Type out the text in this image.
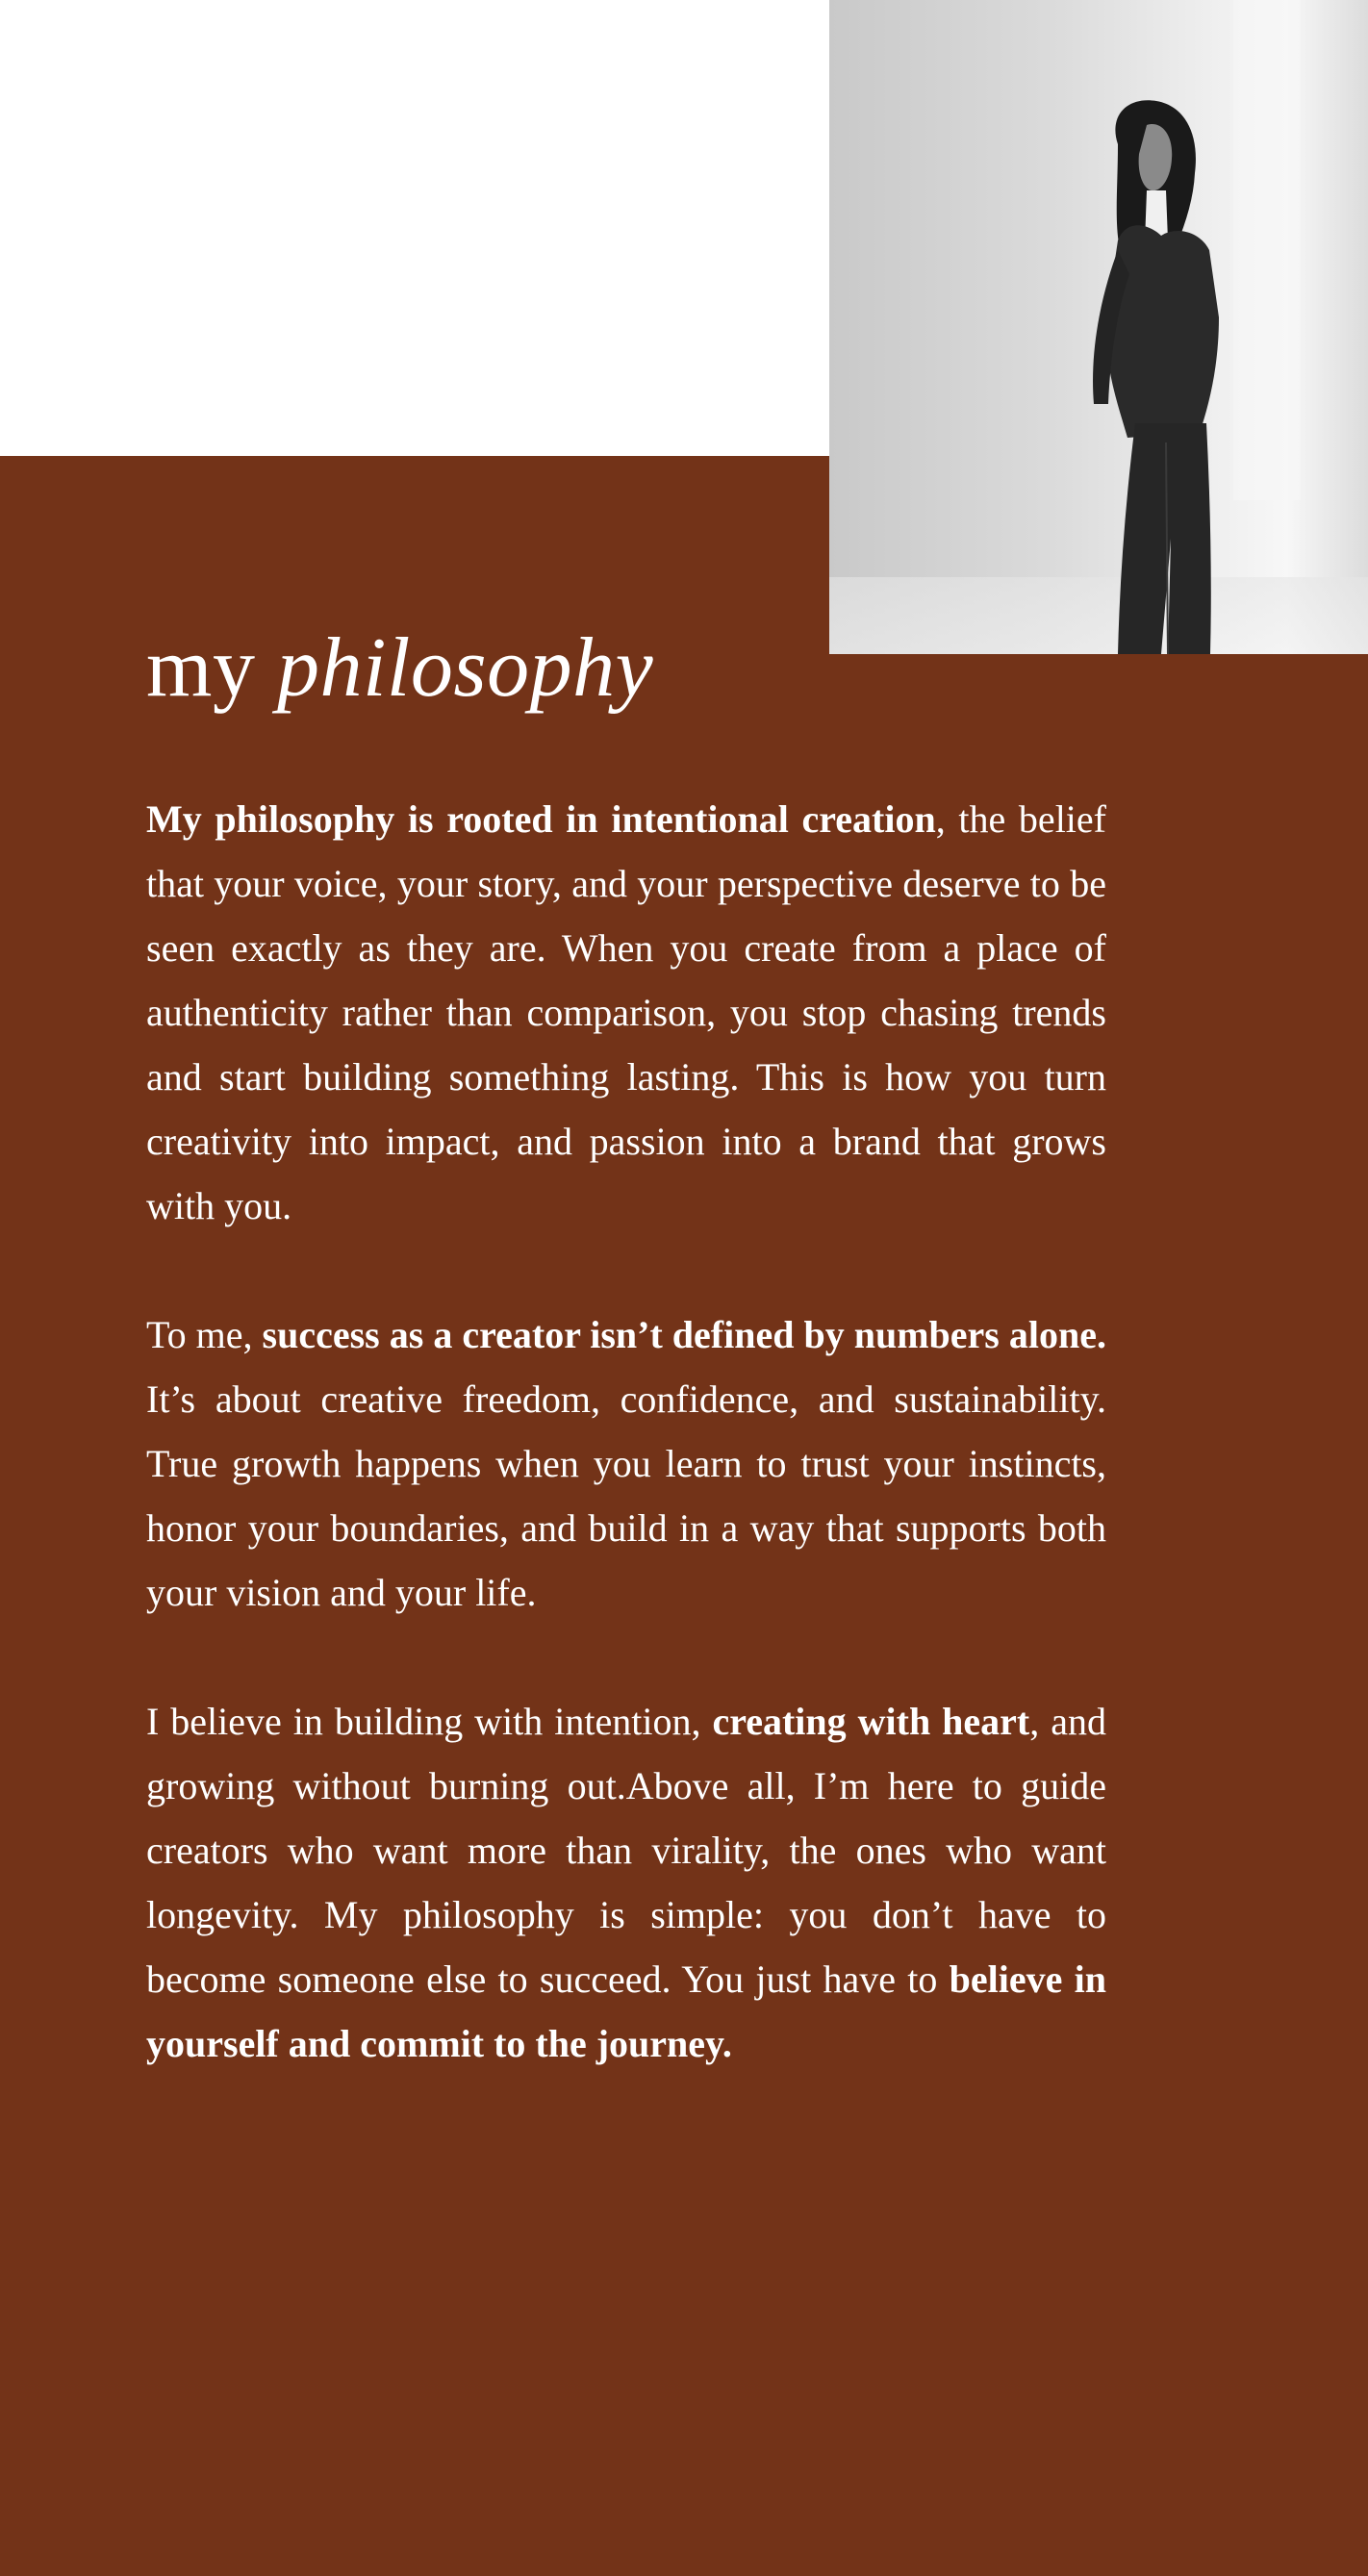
my philosophy

My philosophy is rooted in intentional creation, the belief that your voice, your story, and your perspective deserve to be seen exactly as they are. When you create from a place of authenticity rather than comparison, you stop chasing trends and start building something lasting. This is how you turn creativity into impact, and passion into a brand that grows with you.

To me, success as a creator isn’t defined by numbers alone. It’s about creative freedom, confidence, and sustainability. True growth happens when you learn to trust your instincts, honor your boundaries, and build in a way that supports both your vision and your life.

I believe in building with intention, creating with heart, and growing without burning out.Above all, I’m here to guide creators who want more than virality, the ones who want longevity. My philosophy is simple: you don’t have to become someone else to succeed. You just have to believe in yourself and commit to the journey.
